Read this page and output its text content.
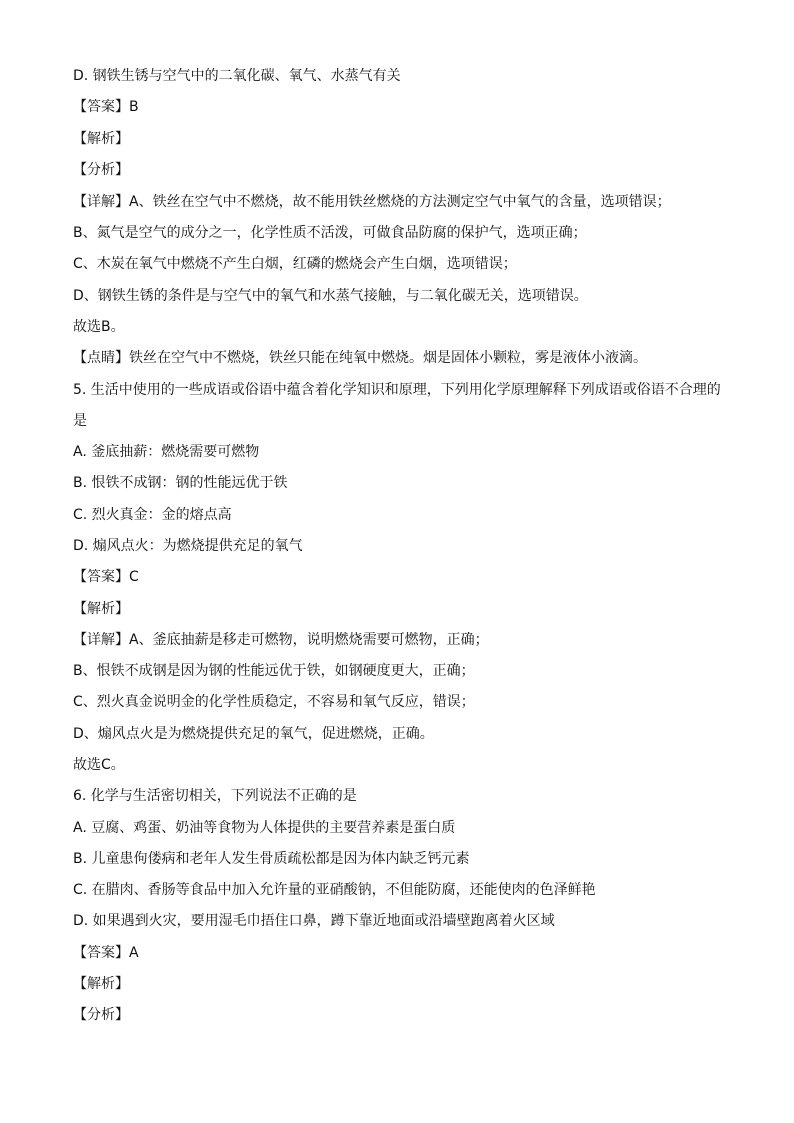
D. 钢铁生锈与空气中的二氧化碳、氧气、水蒸气有关
【答案】B
【解析】
【分析】
【详解】A、铁丝在空气中不燃烧，故不能用铁丝燃烧的方法测定空气中氧气的含量，选项错误；
B、氮气是空气的成分之一，化学性质不活泼，可做食品防腐的保护气，选项正确；
C、木炭在氧气中燃烧不产生白烟，红磷的燃烧会产生白烟，选项错误；
D、钢铁生锈的条件是与空气中的氧气和水蒸气接触，与二氧化碳无关，选项错误。
故选B。
【点睛】铁丝在空气中不燃烧，铁丝只能在纯氧中燃烧。烟是固体小颗粒，雾是液体小液滴。
5. 生活中使用的一些成语或俗语中蕴含着化学知识和原理，下列用化学原理解释下列成语或俗语不合理的
是
A. 釜底抽薪：燃烧需要可燃物
B. 恨铁不成钢：钢的性能远优于铁
C. 烈火真金：金的熔点高
D. 煽风点火：为燃烧提供充足的氧气
【答案】C
【解析】
【详解】A、釜底抽薪是移走可燃物，说明燃烧需要可燃物，正确；
B、恨铁不成钢是因为钢的性能远优于铁，如钢硬度更大，正确；
C、烈火真金说明金的化学性质稳定，不容易和氧气反应，错误；
D、煽风点火是为燃烧提供充足的氧气，促进燃烧，正确。
故选C。
6. 化学与生活密切相关，下列说法不正确的是
A. 豆腐、鸡蛋、奶油等食物为人体提供的主要营养素是蛋白质
B. 儿童患佝偻病和老年人发生骨质疏松都是因为体内缺乏钙元素
C. 在腊肉、香肠等食品中加入允许量的亚硝酸钠，不但能防腐，还能使肉的色泽鲜艳
D. 如果遇到火灾，要用湿毛巾捂住口鼻，蹲下靠近地面或沿墙壁跑离着火区域
【答案】A
【解析】
【分析】
